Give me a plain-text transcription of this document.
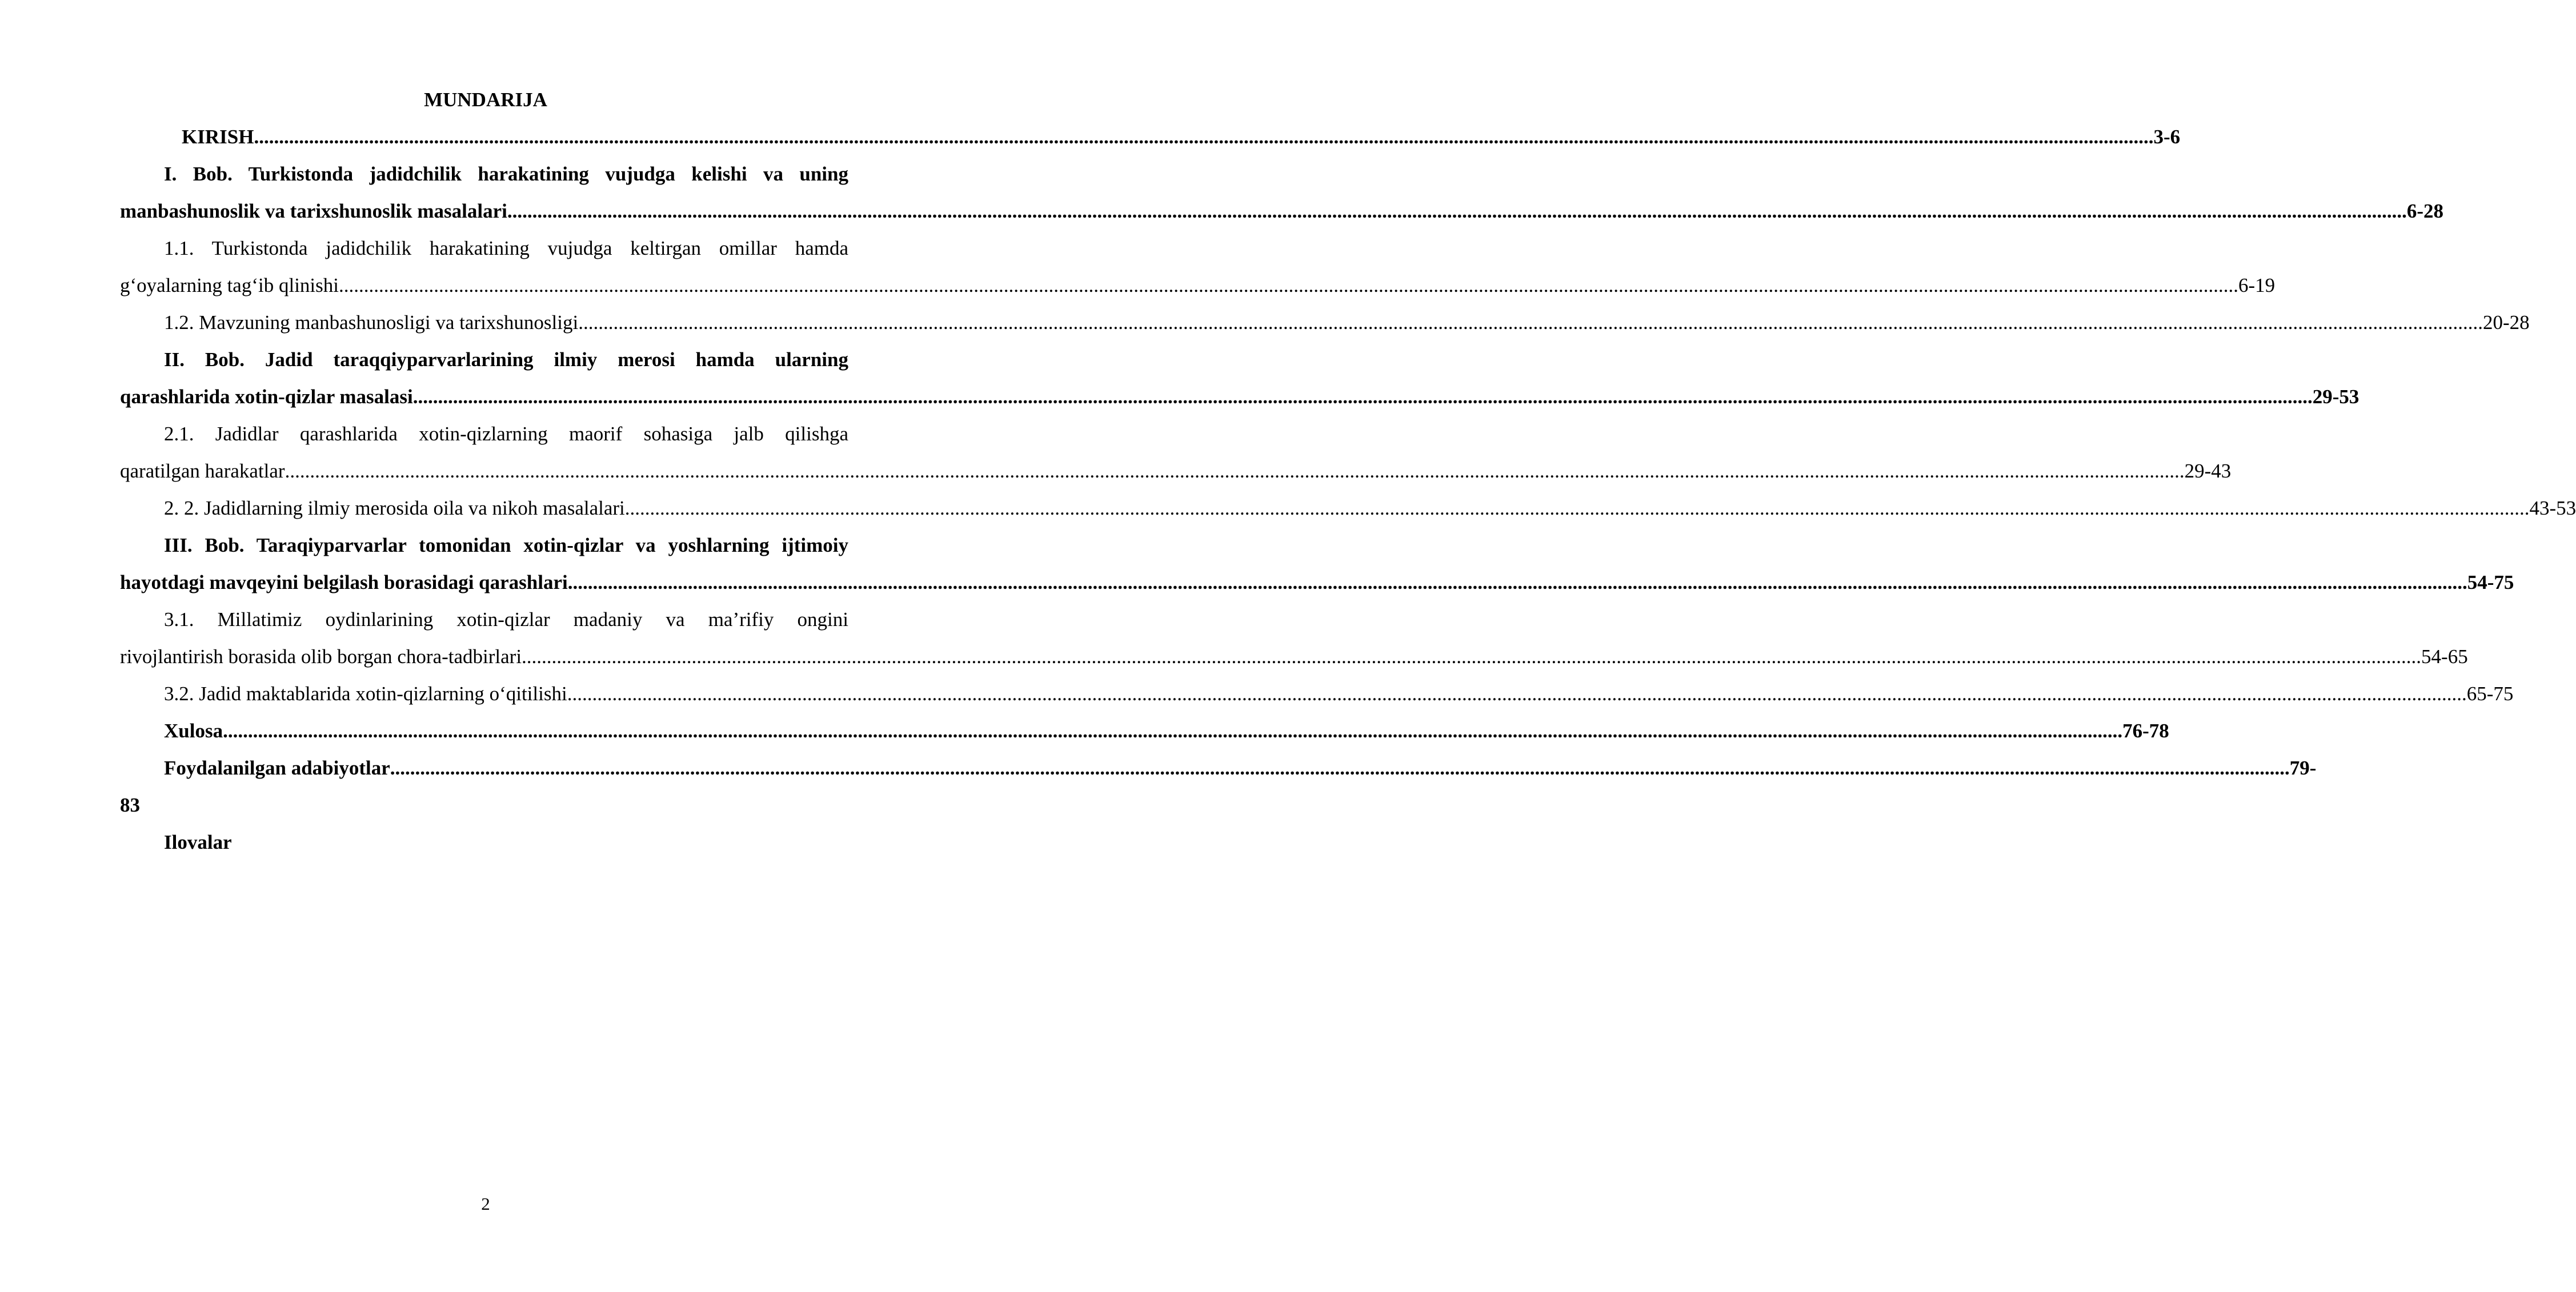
MUNDARIJA
KIRISH ............................................................................................................................................................................................................................................................................................................................................................................................ 3-6
I. Bob. Turkistonda jadidchilik harakatining vujudga kelishi va uning
manbashunoslik va tarixshunoslik masalalari ............................................................................................................................................................................................................................................................................................................................................................................................ 6-28
1.1. Turkistonda jadidchilik harakatining vujudga keltirgan omillar hamda
g‘oyalarning tag‘ib qlinishi ............................................................................................................................................................................................................................................................................................................................................................................................ 6-19
1.2. Mavzuning manbashunosligi va tarixshunosligi. ............................................................................................................................................................................................................................................................................................................................................................................................ 20-28
II. Bob. Jadid taraqqiyparvarlarining ilmiy merosi hamda ularning
qarashlarida xotin-qizlar masalasi ............................................................................................................................................................................................................................................................................................................................................................................................ 29-53
2.1. Jadidlar qarashlarida xotin-qizlarning maorif sohasiga jalb qilishga
qaratilgan harakatlar ............................................................................................................................................................................................................................................................................................................................................................................................ 29-43
2. 2. Jadidlarning ilmiy merosida oila va nikoh masalalari. ............................................................................................................................................................................................................................................................................................................................................................................................ 43-53
III. Bob. Taraqiyparvarlar tomonidan xotin-qizlar va yoshlarning ijtimoiy
hayotdagi mavqeyini belgilash borasidagi qarashlari ............................................................................................................................................................................................................................................................................................................................................................................................ 54-75
3.1. Millatimiz oydinlarining xotin-qizlar madaniy va ma’rifiy ongini
rivojlantirish borasida olib borgan chora-tadbirlari ............................................................................................................................................................................................................................................................................................................................................................................................ 54-65
3.2. Jadid maktablarida xotin-qizlarning o‘qitilishi ............................................................................................................................................................................................................................................................................................................................................................................................ 65-75
Xulosa ............................................................................................................................................................................................................................................................................................................................................................................................ 76-78
Foydalanilgan adabiyotlar ............................................................................................................................................................................................................................................................................................................................................................................................ 79-
83
Ilovalar
2
